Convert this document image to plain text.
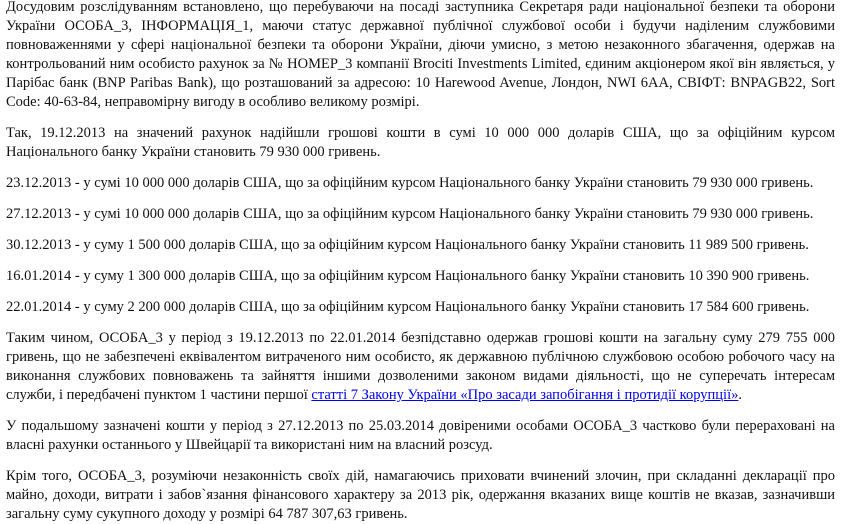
Досудовим розслідуванням встановлено, що перебуваючи на посаді заступника Секретаря ради національної безпеки та оборони України ОСОБА_3, ІНФОРМАЦІЯ_1, маючи статус державної публічної службової особи і будучи наділеним службовими повноваженнями у сфері національної безпеки та оборони України, діючи умисно, з метою незаконного збагачення, одержав на контрольований ним особисто рахунок за № НОМЕР_3 компанії Brociti Investments Limited, єдиним акціонером якої він являється, у Парібас банк (BNP Paribas Bank), що розташований за адресою: 10 Harewood Avenue, Лондон, NWI 6AA, СВІФТ: BNPAGB22, Sort Code: 40-63-84, неправомірну вигоду в особливо великому розмірі.

Так, 19.12.2013 на значений рахунок надійшли грошові кошти в сумі 10 000 000 доларів США, що за офіційним курсом Національного банку України становить 79 930 000 гривень.

23.12.2013 - у сумі 10 000 000 доларів США, що за офіційним курсом Національного банку України становить 79 930 000 гривень.

27.12.2013 - у сумі 10 000 000 доларів США, що за офіційним курсом Національного банку України становить 79 930 000 гривень.

30.12.2013 - у суму 1 500 000 доларів США, що за офіційним курсом Національного банку України становить 11 989 500 гривень.

16.01.2014 - у суму 1 300 000 доларів США, що за офіційним курсом Національного банку України становить 10 390 900 гривень.

22.01.2014 - у суму 2 200 000 доларів США, що за офіційним курсом Національного банку України становить 17 584 600 гривень.

Таким чином, ОСОБА_3 у період з 19.12.2013 по 22.01.2014 безпідставно одержав грошові кошти на загальну суму 279 755 000 гривень, що не забезпечені еквівалентом витраченого ним особисто, як державною публічною службовою особою робочого часу на виконання службових повноважень та зайняття іншими дозволеними законом видами діяльності, що не суперечать інтересам служби, і передбачені пунктом 1 частини першої статті 7 Закону України «Про засади запобігання і протидії корупції».

У подальшому зазначені кошти у період з 27.12.2013 по 25.03.2014 довіреними особами ОСОБА_3 частково були перераховані на власні рахунки останнього у Швейцарії та використані ним на власний розсуд.

Крім того, ОСОБА_3, розуміючи незаконність своїх дій, намагаючись приховати вчинений злочин, при складанні декларації про майно, доходи, витрати і забов`язання фінансового характеру за 2013 рік, одержання вказаних вище коштів не вказав, зазначивши загальну суму сукупного доходу у розмірі 64 787 307,63 гривень.
